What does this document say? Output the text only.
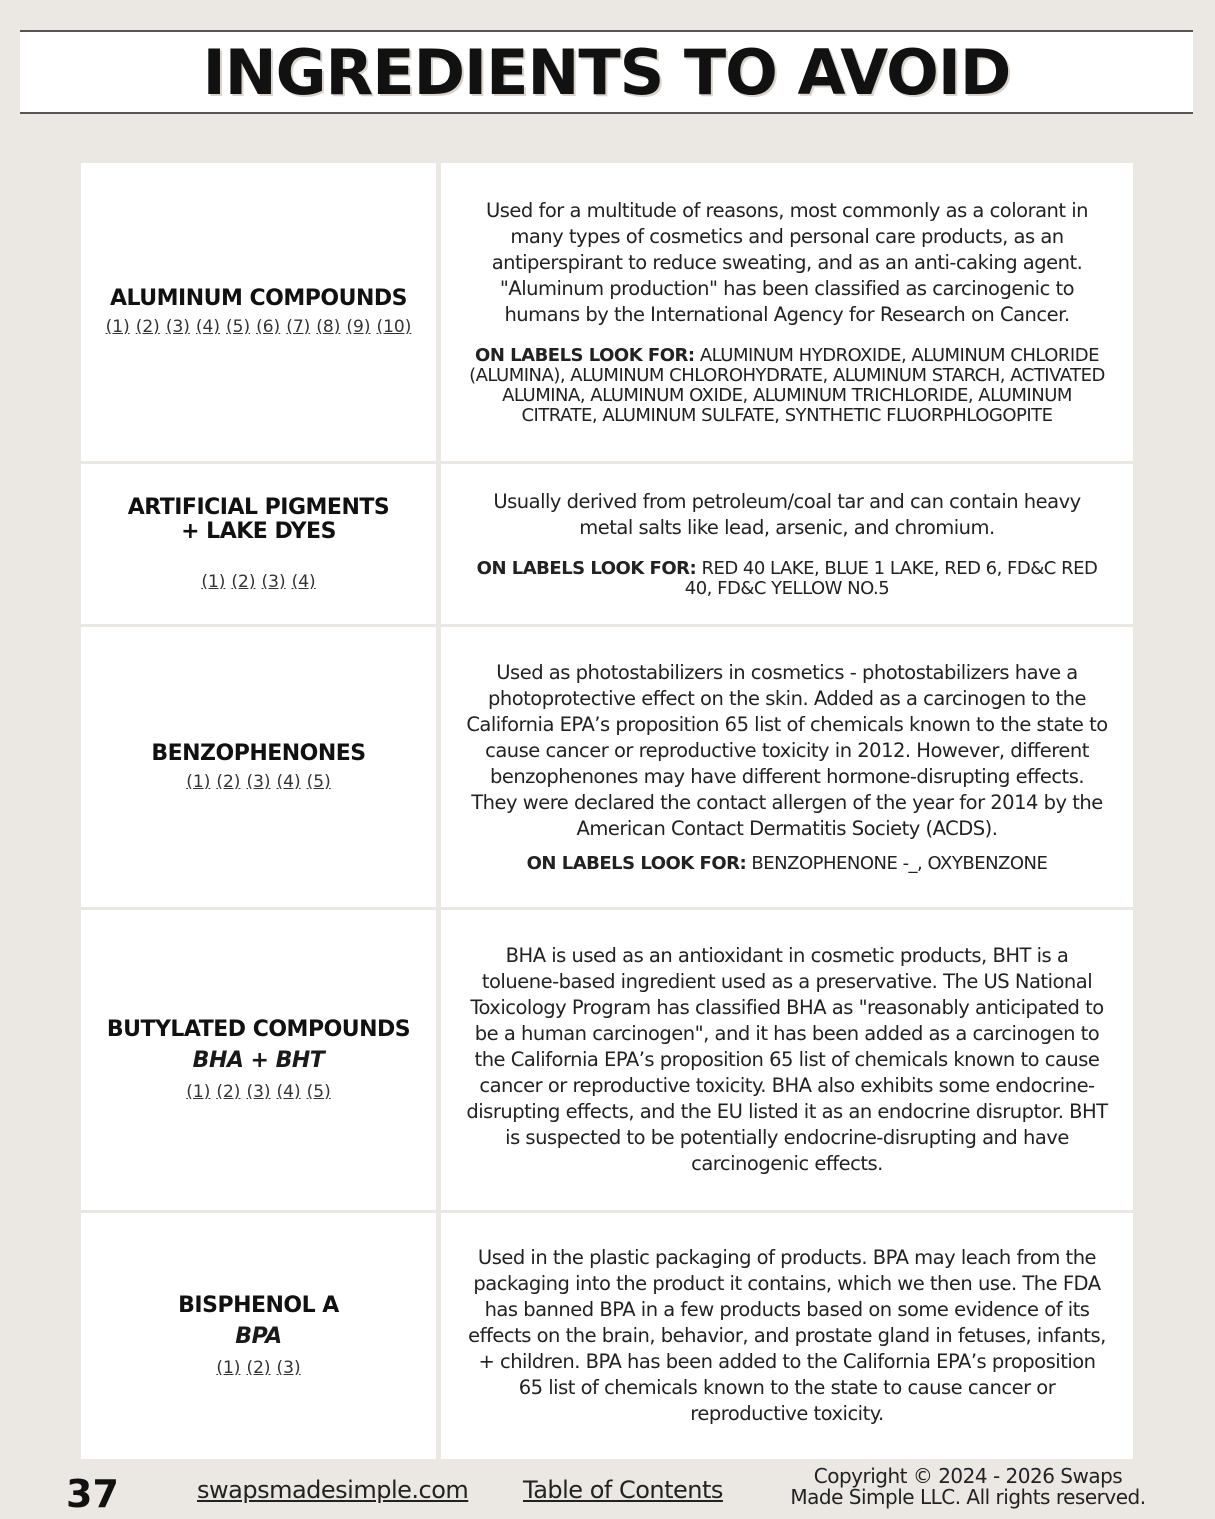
INGREDIENTS TO AVOID
ALUMINUM COMPOUNDS
(1) (2) (3) (4) (5) (6) (7) (8) (9) (10)
Used for a multitude of reasons, most commonly as a colorant in many types of cosmetics and personal care products, as an antiperspirant to reduce sweating, and as an anti-caking agent. "Aluminum production" has been classified as carcinogenic to humans by the International Agency for Research on Cancer.
ON LABELS LOOK FOR: ALUMINUM HYDROXIDE, ALUMINUM CHLORIDE (ALUMINA), ALUMINUM CHLOROHYDRATE, ALUMINUM STARCH, ACTIVATED ALUMINA, ALUMINUM OXIDE, ALUMINUM TRICHLORIDE, ALUMINUM CITRATE, ALUMINUM SULFATE, SYNTHETIC FLUORPHLOGOPITE
ARTIFICIAL PIGMENTS + LAKE DYES
(1) (2) (3) (4)
Usually derived from petroleum/coal tar and can contain heavy metal salts like lead, arsenic, and chromium.
ON LABELS LOOK FOR: RED 40 LAKE, BLUE 1 LAKE, RED 6, FD&C RED 40, FD&C YELLOW NO.5
BENZOPHENONES
(1) (2) (3) (4) (5)
Used as photostabilizers in cosmetics - photostabilizers have a photoprotective effect on the skin. Added as a carcinogen to the California EPA’s proposition 65 list of chemicals known to the state to cause cancer or reproductive toxicity in 2012. However, different benzophenones may have different hormone-disrupting effects. They were declared the contact allergen of the year for 2014 by the American Contact Dermatitis Society (ACDS).
ON LABELS LOOK FOR: BENZOPHENONE -_, OXYBENZONE
BUTYLATED COMPOUNDS
BHA + BHT
(1) (2) (3) (4) (5)
BHA is used as an antioxidant in cosmetic products, BHT is a toluene-based ingredient used as a preservative. The US National Toxicology Program has classified BHA as "reasonably anticipated to be a human carcinogen", and it has been added as a carcinogen to the California EPA’s proposition 65 list of chemicals known to cause cancer or reproductive toxicity. BHA also exhibits some endocrine-disrupting effects, and the EU listed it as an endocrine disruptor. BHT is suspected to be potentially endocrine-disrupting and have carcinogenic effects.
BISPHENOL A
BPA
(1) (2) (3)
Used in the plastic packaging of products. BPA may leach from the packaging into the product it contains, which we then use. The FDA has banned BPA in a few products based on some evidence of its effects on the brain, behavior, and prostate gland in fetuses, infants, + children. BPA has been added to the California EPA’s proposition 65 list of chemicals known to the state to cause cancer or reproductive toxicity.
37	swapsmadesimple.com Table of Contents	Copyright © 2024 - 2026 Swaps Made Simple LLC. All rights reserved.
